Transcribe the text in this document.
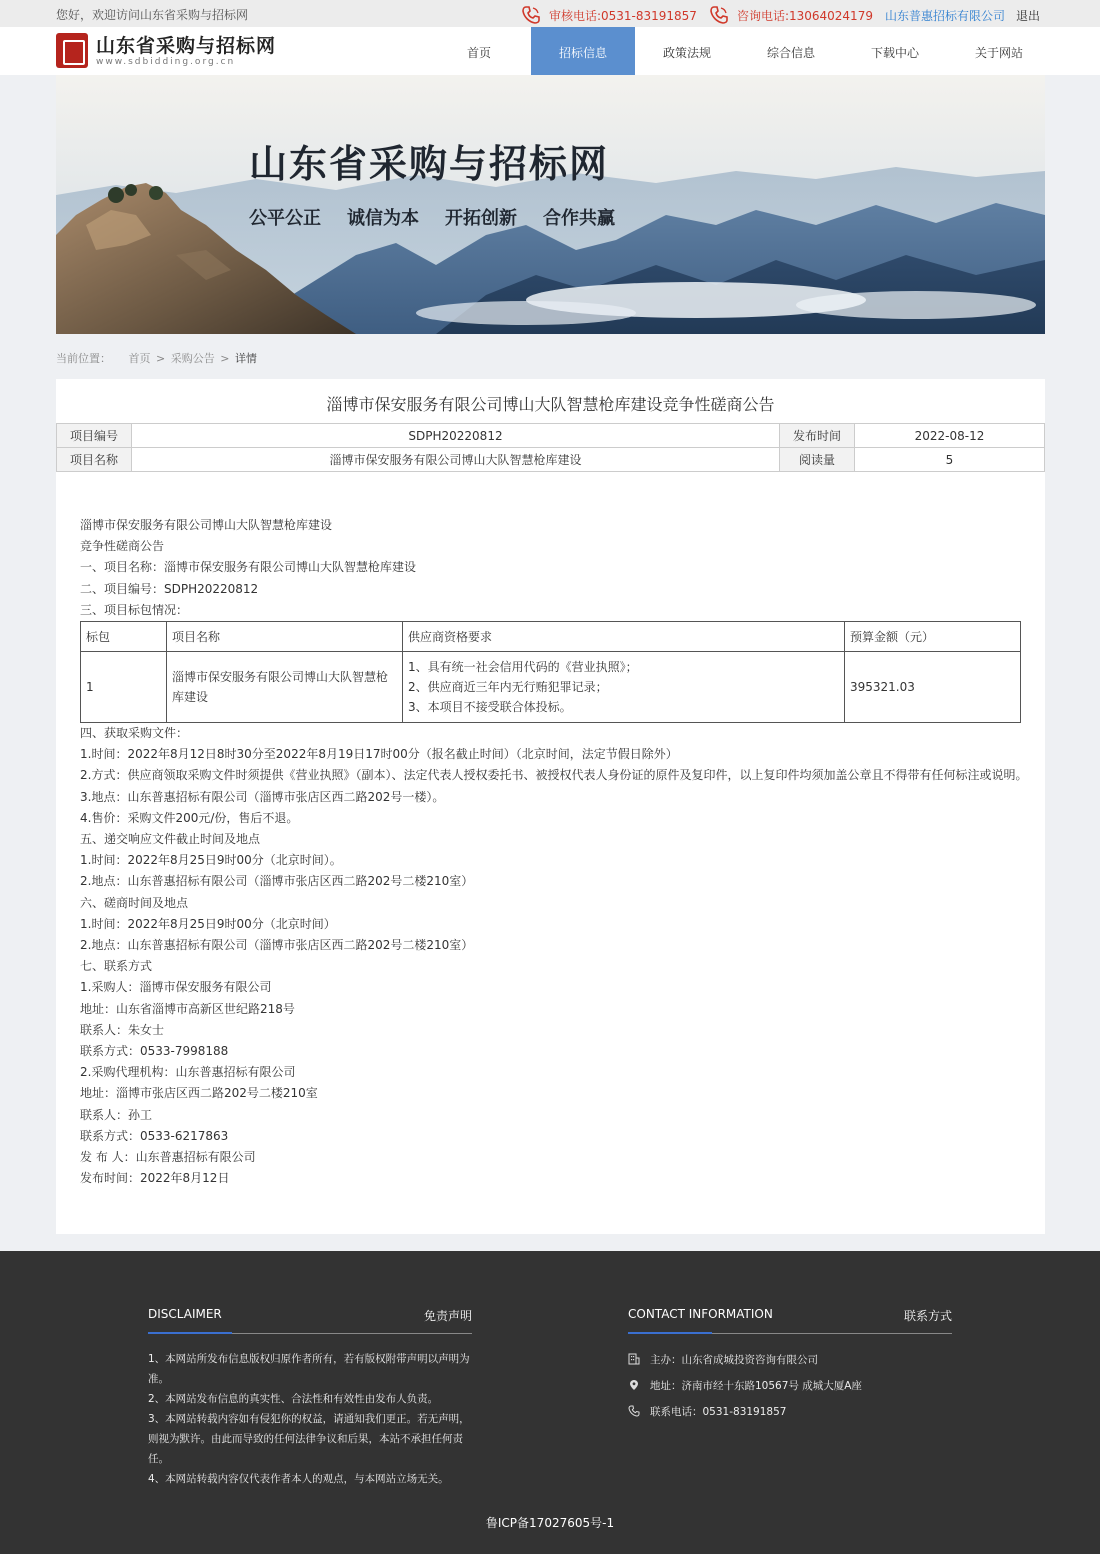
您好，欢迎访问山东省采购与招标网	审核电话:0531-83191857	咨询电话:13064024179 山东普惠招标有限公司 退出
山东省采购与招标网
www.sdbidding.org.cn
首页	招标信息	政策法规	综合信息	下载中心	关于网站
山东省采购与招标网
公平公正 诚信为本 开拓创新 合作共赢
当前位置： 首页 > 采购公告 > 详情
淄博市保安服务有限公司博山大队智慧枪库建设竞争性磋商公告
项目编号	SDPH20220812	发布时间	2022-08-12
项目名称	淄博市保安服务有限公司博山大队智慧枪库建设	阅读量	5

淄博市保安服务有限公司博山大队智慧枪库建设

竞争性磋商公告

一、项目名称：淄博市保安服务有限公司博山大队智慧枪库建设

二、项目编号：SDPH20220812

三、项目标包情况：

标包	项目名称	供应商资格要求	预算金额（元）
1	淄博市保安服务有限公司博山大队智慧枪库建设	1、具有统一社会信用代码的《营业执照》；
2、供应商近三年内无行贿犯罪记录；
3、本项目不接受联合体投标。	395321.03

四、获取采购文件：

1.时间：2022年8月12日8时30分至2022年8月19日17时00分（报名截止时间）（北京时间，法定节假日除外）

2.方式：供应商领取采购文件时须提供《营业执照》（副本）、法定代表人授权委托书、被授权代表人身份证的原件及复印件，以上复印件均须加盖公章且不得带有任何标注或说明。

3.地点：山东普惠招标有限公司（淄博市张店区西二路202号一楼）。

4.售价：采购文件200元/份，售后不退。

五、递交响应文件截止时间及地点

1.时间：2022年8月25日9时00分（北京时间）。

2.地点：山东普惠招标有限公司（淄博市张店区西二路202号二楼210室）

六、磋商时间及地点

1.时间：2022年8月25日9时00分（北京时间）

2.地点：山东普惠招标有限公司（淄博市张店区西二路202号二楼210室）

七、联系方式

1.采购人：淄博市保安服务有限公司

地址：山东省淄博市高新区世纪路218号

联系人：朱女士

联系方式：0533-7998188

2.采购代理机构：山东普惠招标有限公司

地址：淄博市张店区西二路202号二楼210室

联系人：孙工

联系方式：0533-6217863

发 布 人：山东普惠招标有限公司

发布时间：2022年8月12日

DISCLAIMER	免责声明
1、本网站所发布信息版权归原作者所有，若有版权附带声明以声明为准。
2、本网站发布信息的真实性、合法性和有效性由发布人负责。
3、本网站转载内容如有侵犯你的权益，请通知我们更正。若无声明，则视为默许。由此而导致的任何法律争议和后果，本站不承担任何责任。
4、本网站转载内容仅代表作者本人的观点，与本网站立场无关。
CONTACT INFORMATION	联系方式
主办：山东省成城投资咨询有限公司
地址：济南市经十东路10567号 成城大厦A座
联系电话：0531-83191857
鲁ICP备17027605号-1
